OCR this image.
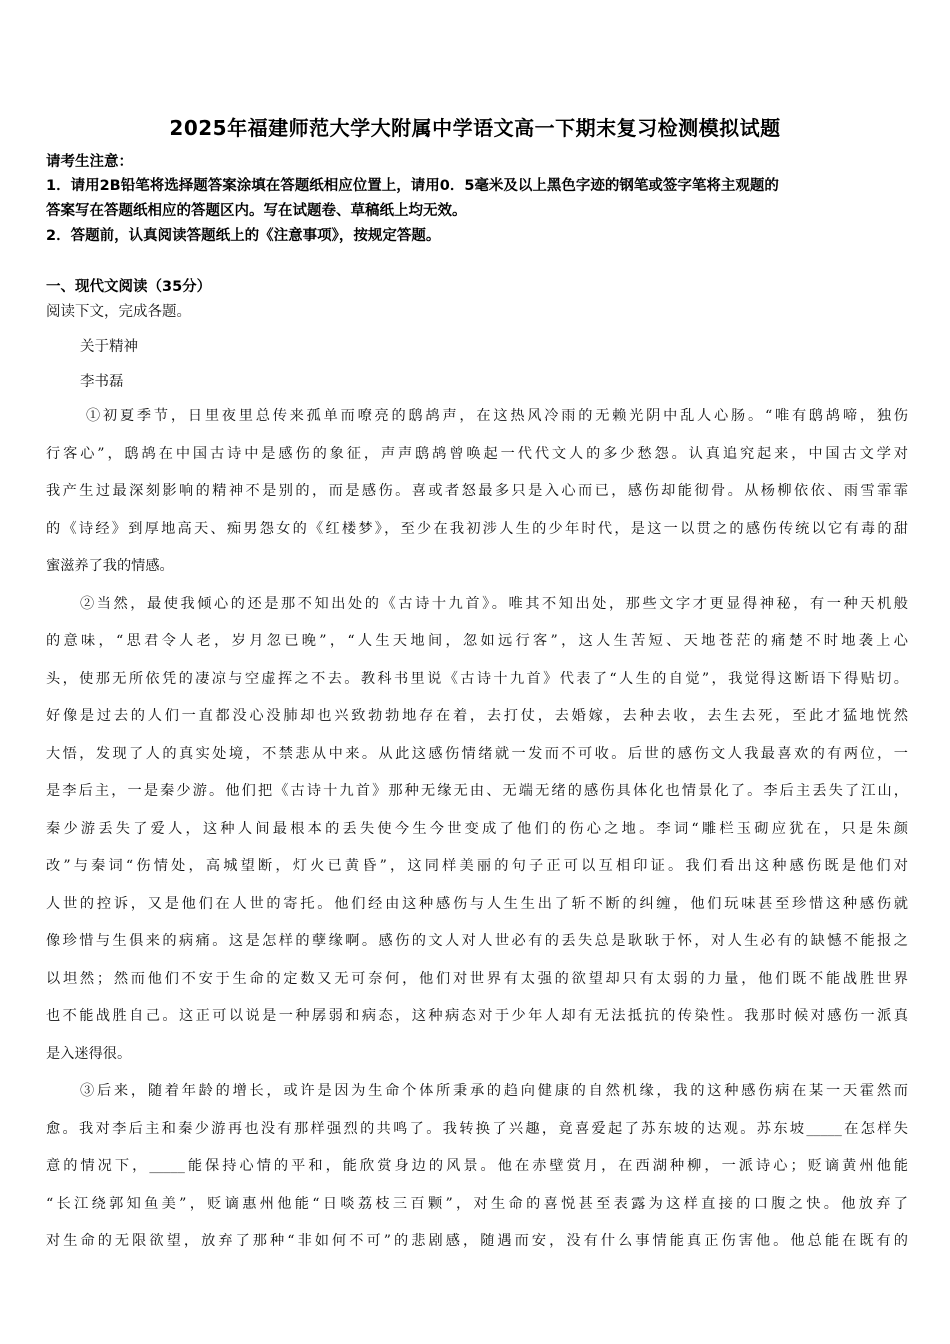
2025年福建师范大学大附属中学语文高一下期末复习检测模拟试题
请考生注意：
1．请用2B铅笔将选择题答案涂填在答题纸相应位置上，请用0．5毫米及以上黑色字迹的钢笔或签字笔将主观题的
答案写在答题纸相应的答题区内。写在试题卷、草稿纸上均无效。
2．答题前，认真阅读答题纸上的《注意事项》，按规定答题。
一、现代文阅读（35分）
阅读下文，完成各题。
关于精神
李书磊
①初夏季节，日里夜里总传来孤单而嘹亮的鸱鸪声，在这热风冷雨的无赖光阴中乱人心肠。“唯有鸱鸪啼，独伤
行客心”，鸱鸪在中国古诗中是感伤的象征，声声鸱鸪曾唤起一代代文人的多少愁怨。认真追究起来，中国古文学对
我产生过最深刻影响的精神不是别的，而是感伤。喜或者怒最多只是入心而已，感伤却能彻骨。从杨柳依依、雨雪霏霏
的《诗经》到厚地高天、痴男怨女的《红楼梦》，至少在我初涉人生的少年时代，是这一以贯之的感伤传统以它有毒的甜
蜜滋养了我的情感。
②当然，最使我倾心的还是那不知出处的《古诗十九首》。唯其不知出处，那些文字才更显得神秘，有一种天机般
的意味，“思君令人老，岁月忽已晚”，“人生天地间，忽如远行客”，这人生苦短、天地苍茫的痛楚不时地袭上心
头，使那无所依凭的凄凉与空虚挥之不去。教科书里说《古诗十九首》代表了“人生的自觉”，我觉得这断语下得贴切。
好像是过去的人们一直都没心没肺却也兴致勃勃地存在着，去打仗，去婚嫁，去种去收，去生去死，至此才猛地恍然
大悟，发现了人的真实处境，不禁悲从中来。从此这感伤情绪就一发而不可收。后世的感伤文人我最喜欢的有两位，一
是李后主，一是秦少游。他们把《古诗十九首》那种无缘无由、无端无绪的感伤具体化也情景化了。李后主丢失了江山，
秦少游丢失了爱人，这种人间最根本的丢失使今生今世变成了他们的伤心之地。李词“雕栏玉砌应犹在，只是朱颜
改”与秦词“伤情处，高城望断，灯火已黄昏”，这同样美丽的句子正可以互相印证。我们看出这种感伤既是他们对
人世的控诉，又是他们在人世的寄托。他们经由这种感伤与人生生出了斩不断的纠缠，他们玩味甚至珍惜这种感伤就
像珍惜与生俱来的病痛。这是怎样的孽缘啊。感伤的文人对人世必有的丢失总是耿耿于怀，对人生必有的缺憾不能报之
以坦然；然而他们不安于生命的定数又无可奈何，他们对世界有太强的欲望却只有太弱的力量，他们既不能战胜世界
也不能战胜自己。这正可以说是一种孱弱和病态，这种病态对于少年人却有无法抵抗的传染性。我那时候对感伤一派真
是入迷得很。
③后来，随着年龄的增长，或许是因为生命个体所秉承的趋向健康的自然机缘，我的这种感伤病在某一天霍然而
愈。我对李后主和秦少游再也没有那样强烈的共鸣了。我转换了兴趣，竟喜爱起了苏东坡的达观。苏东坡_____在怎样失
意的情况下，_____能保持心情的平和，能欣赏身边的风景。他在赤壁赏月，在西湖种柳，一派诗心；贬谪黄州他能
“长江绕郭知鱼美”，贬谪惠州他能“日啖荔枝三百颗”，对生命的喜悦甚至表露为这样直接的口腹之快。他放弃了
对生命的无限欲望，放弃了那种“非如何不可”的悲剧感，随遇而安，没有什么事情能真正伤害他。他总能在既有的
